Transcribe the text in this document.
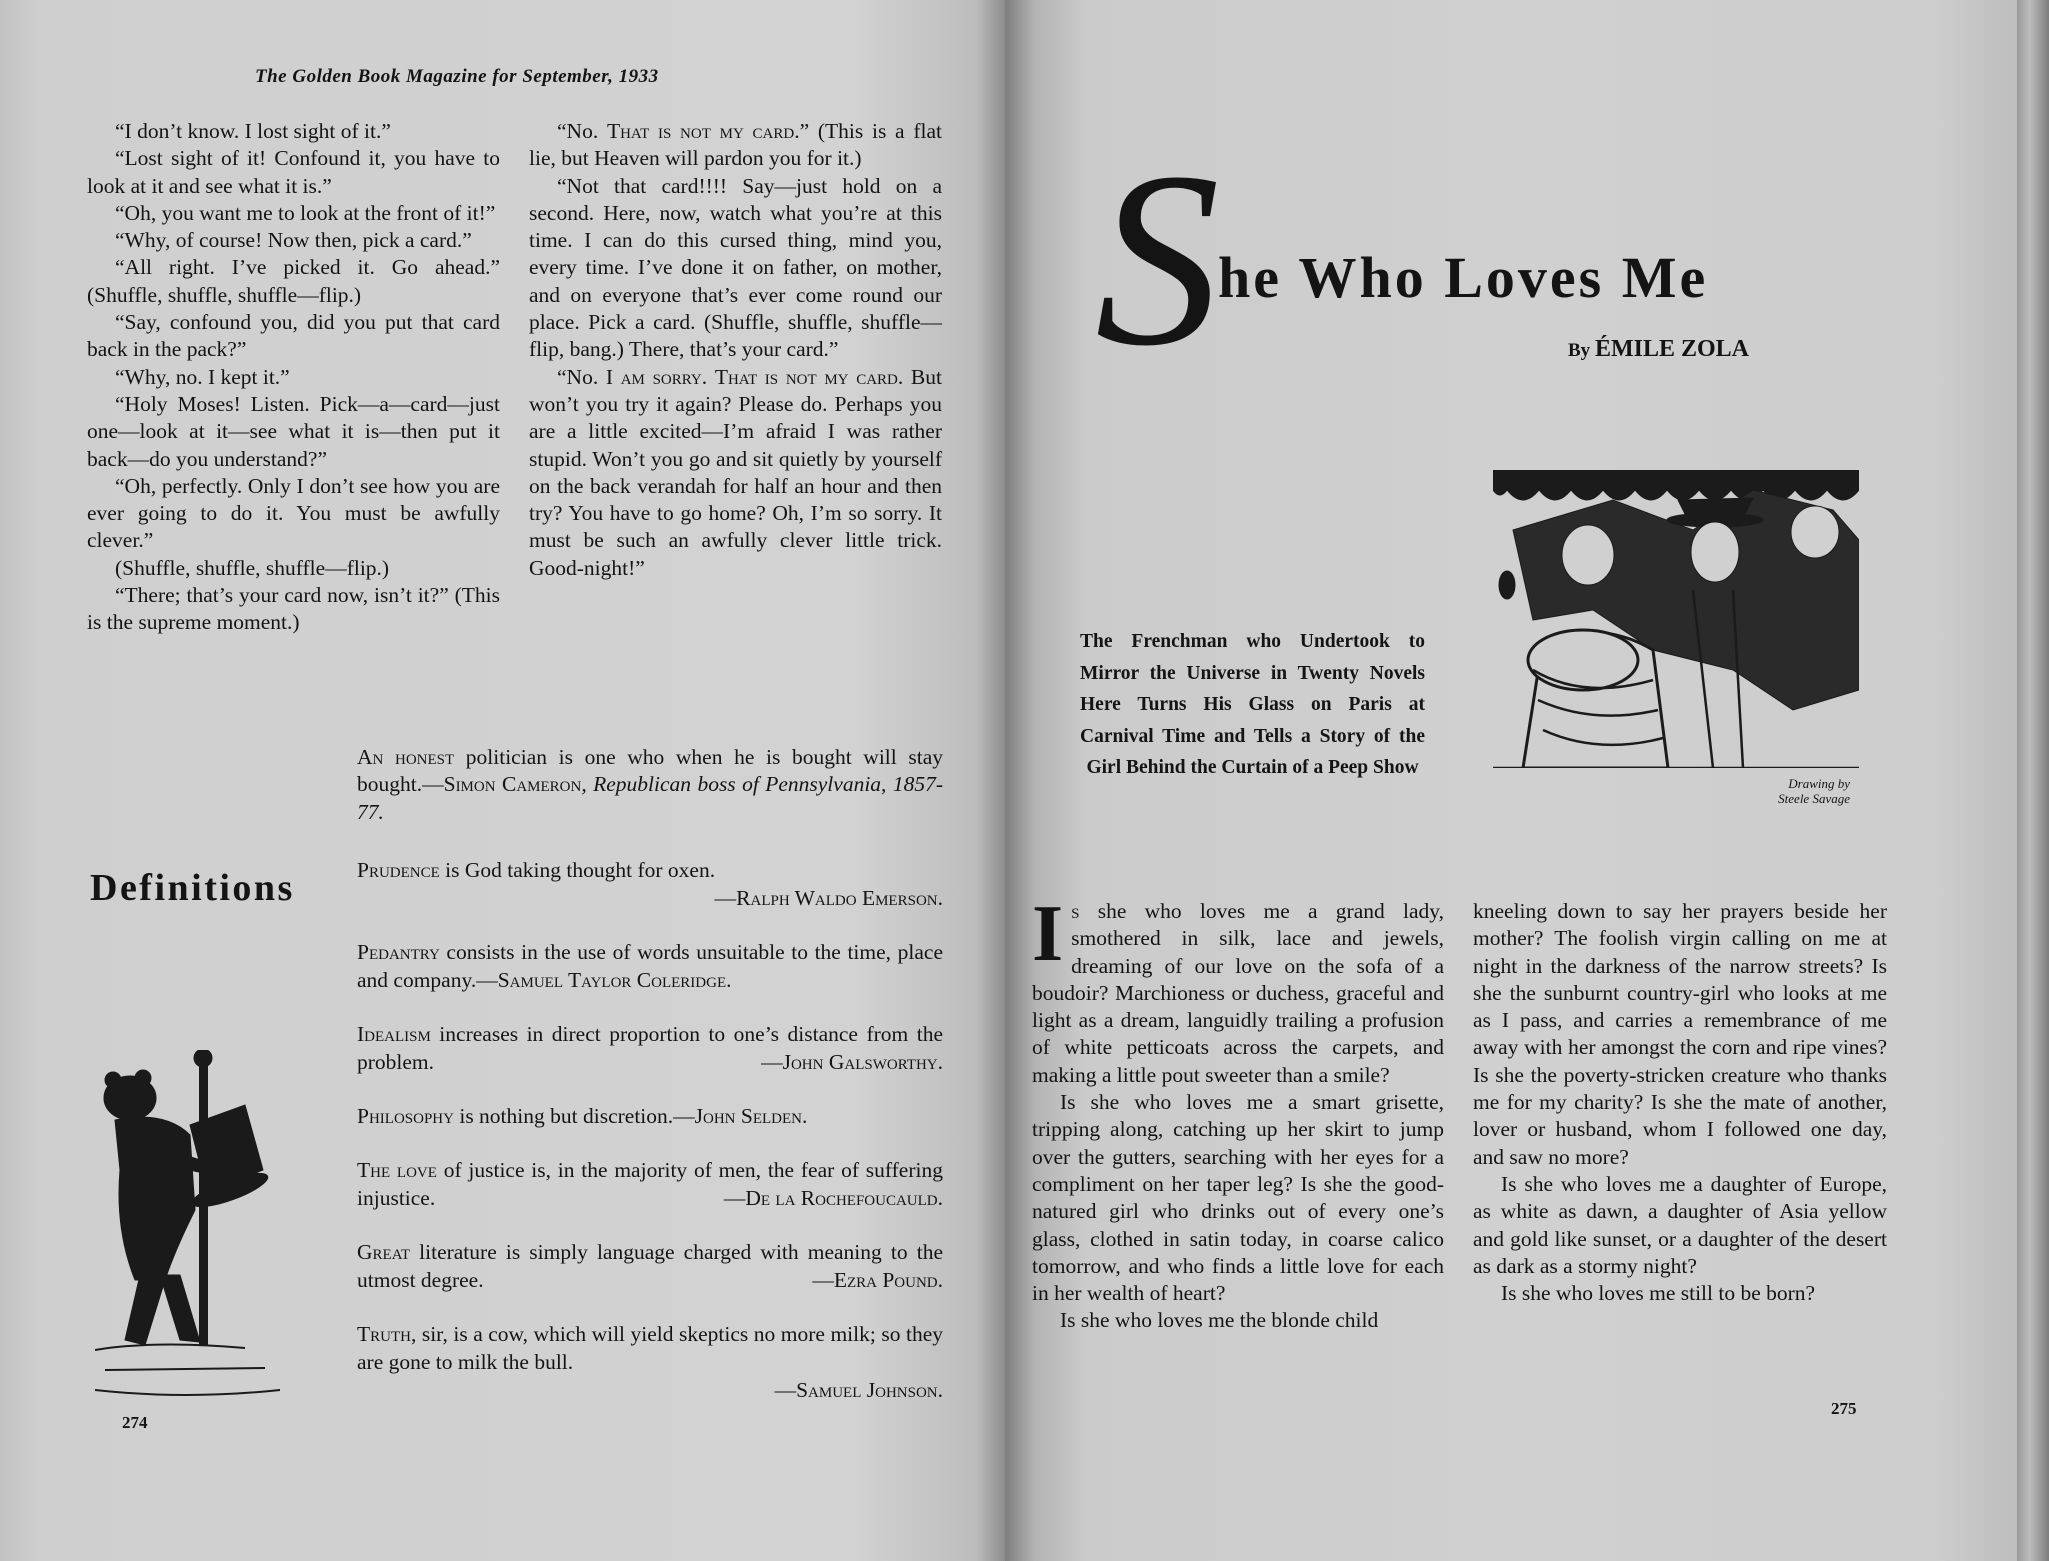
The Golden Book Magazine for September, 1933

“I don’t know. I lost sight of it.”

“Lost sight of it! Confound it, you have to look at it and see what it is.”

“Oh, you want me to look at the front of it!”

“Why, of course! Now then, pick a card.”

“All right. I’ve picked it. Go ahead.” (Shuffle, shuffle, shuffle—flip.)

“Say, confound you, did you put that card back in the pack?”

“Why, no. I kept it.”

“Holy Moses! Listen. Pick—a—card—just one—look at it—see what it is—then put it back—do you understand?”

“Oh, perfectly. Only I don’t see how you are ever going to do it. You must be awfully clever.”

(Shuffle, shuffle, shuffle—flip.)

“There; that’s your card now, isn’t it?” (This is the supreme moment.)

“No. That is not my card.” (This is a flat lie, but Heaven will pardon you for it.)

“Not that card!!!! Say—just hold on a second. Here, now, watch what you’re at this time. I can do this cursed thing, mind you, every time. I’ve done it on father, on mother, and on everyone that’s ever come round our place. Pick a card. (Shuffle, shuffle, shuffle—flip, bang.) There, that’s your card.”

“No. I am sorry. That is not my card. But won’t you try it again? Please do. Perhaps you are a little excited—I’m afraid I was rather stupid. Won’t you go and sit quietly by yourself on the back verandah for half an hour and then try? You have to go home? Oh, I’m so sorry. It must be such an awfully clever little trick. Good-night!”

An honest politician is one who when he is bought will stay bought.—Simon Cameron, Republican boss of Pennsylvania, 1857-77.

Definitions	Prudence is God taking thought for oxen.
—Ralph Waldo Emerson.
Pedantry consists in the use of words unsuitable to the time, place and company.—Samuel Taylor Coleridge.
Idealism increases in direct proportion to one’s distance from the problem.	—John Galsworthy.
Philosophy is nothing but discretion.—John Selden.
The love of justice is, in the majority of men, the fear of suffering injustice.	—De la Rochefoucauld.
Great literature is simply language charged with meaning to the utmost degree.	—Ezra Pound.
Truth, sir, is a cow, which will yield skeptics no more milk; so they are gone to milk the bull.
—Samuel Johnson.
274
S
he Who Loves Me
By ÉMILE ZOLA
Drawing by
Steele Savage
The Frenchman who Undertook to Mirror the Universe in Twenty Novels Here Turns His Glass on Paris at Carnival Time and Tells a Story of the Girl Behind the Curtain of a Peep Show

Is she who loves me a grand lady, smothered in silk, lace and jewels, dreaming of our love on the sofa of a boudoir? Marchioness or duchess, graceful and light as a dream, languidly trailing a profusion of white petticoats across the carpets, and making a little pout sweeter than a smile?

Is she who loves me a smart grisette, tripping along, catching up her skirt to jump over the gutters, searching with her eyes for a compliment on her taper leg? Is she the good-natured girl who drinks out of every one’s glass, clothed in satin today, in coarse calico tomorrow, and who finds a little love for each in her wealth of heart?

Is she who loves me the blonde child

kneeling down to say her prayers beside her mother? The foolish virgin calling on me at night in the darkness of the narrow streets? Is she the sunburnt country-girl who looks at me as I pass, and carries a remembrance of me away with her amongst the corn and ripe vines? Is she the poverty-stricken creature who thanks me for my charity? Is she the mate of another, lover or husband, whom I followed one day, and saw no more?

Is she who loves me a daughter of Europe, as white as dawn, a daughter of Asia yellow and gold like sunset, or a daughter of the desert as dark as a stormy night?

Is she who loves me still to be born?

275
